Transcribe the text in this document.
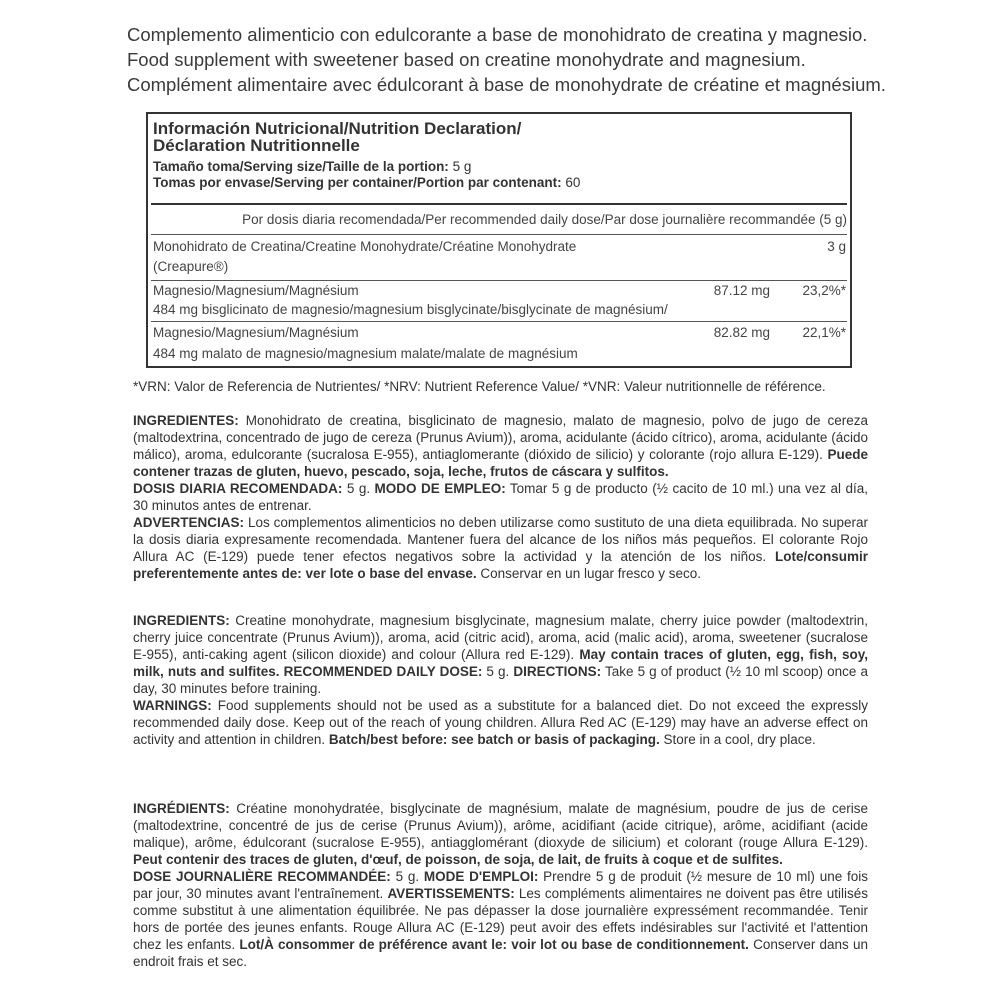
Complemento alimenticio con edulcorante a base de monohidrato de creatina y magnesio.
Food supplement with sweetener based on creatine monohydrate and magnesium.
Complément alimentaire avec édulcorant à base de monohydrate de créatine et magnésium.
Información Nutricional/Nutrition Declaration/
Déclaration Nutritionnelle
Tamaño toma/Serving size/Taille de la portion: 5 g
Tomas por envase/Serving per container/Portion par contenant: 60
Por dosis diaria recomendada/Per recommended daily dose/Par dose journalière recommandée (5 g)
Monohidrato de Creatina/Creatine Monohydrate/Créatine Monohydrate
(Creapure®)
3 g
Magnesio/Magnesium/Magnésium
484 mg bisglicinato de magnesio/magnesium bisglycinate/bisglycinate de magnésium/
87.12 mg 23,2%*
Magnesio/Magnesium/Magnésium
484 mg malato de magnesio/magnesium malate/malate de magnésium
82.82 mg 22,1%*
*VRN: Valor de Referencia de Nutrientes/ *NRV: Nutrient Reference Value/ *VNR: Valeur nutritionnelle de référence.
INGREDIENTES: Monohidrato de creatina, bisglicinato de magnesio, malato de magnesio, polvo de jugo de cereza (maltodextrina, concentrado de jugo de cereza (Prunus Avium)), aroma, acidulante (ácido cítrico), aroma, acidulante (ácido málico), aroma, edulcorante (sucralosa E-955), antiaglomerante (dióxido de silicio) y colorante (rojo allura E-129). Puede contener trazas de gluten, huevo, pescado, soja, leche, frutos de cáscara y sulfitos.
DOSIS DIARIA RECOMENDADA: 5 g. MODO DE EMPLEO: Tomar 5 g de producto (½ cacito de 10 ml.) una vez al día, 30 minutos antes de entrenar.
ADVERTENCIAS: Los complementos alimenticios no deben utilizarse como sustituto de una dieta equilibrada. No superar la dosis diaria expresamente recomendada. Mantener fuera del alcance de los niños más pequeños. El colorante Rojo Allura AC (E-129) puede tener efectos negativos sobre la actividad y la atención de los niños. Lote/consumir preferentemente antes de: ver lote o base del envase. Conservar en un lugar fresco y seco.
INGREDIENTS: Creatine monohydrate, magnesium bisglycinate, magnesium malate, cherry juice powder (maltodextrin, cherry juice concentrate (Prunus Avium)), aroma, acid (citric acid), aroma, acid (malic acid), aroma, sweetener (sucralose E-955), anti-caking agent (silicon dioxide) and colour (Allura red E-129). May contain traces of gluten, egg, fish, soy, milk, nuts and sulfites. RECOMMENDED DAILY DOSE: 5 g. DIRECTIONS: Take 5 g of product (½ 10 ml scoop) once a day, 30 minutes before training.
WARNINGS: Food supplements should not be used as a substitute for a balanced diet. Do not exceed the expressly recommended daily dose. Keep out of the reach of young children. Allura Red AC (E-129) may have an adverse effect on activity and attention in children. Batch/best before: see batch or basis of packaging. Store in a cool, dry place.
INGRÉDIENTS: Créatine monohydratée, bisglycinate de magnésium, malate de magnésium, poudre de jus de cerise (maltodextrine, concentré de jus de cerise (Prunus Avium)), arôme, acidifiant (acide citrique), arôme, acidifiant (acide malique), arôme, édulcorant (sucralose E-955), antiagglomérant (dioxyde de silicium) et colorant (rouge Allura E-129). Peut contenir des traces de gluten, d'œuf, de poisson, de soja, de lait, de fruits à coque et de sulfites.
DOSE JOURNALIÈRE RECOMMANDÉE: 5 g. MODE D'EMPLOI: Prendre 5 g de produit (½ mesure de 10 ml) une fois par jour, 30 minutes avant l'entraînement. AVERTISSEMENTS: Les compléments alimentaires ne doivent pas être utilisés comme substitut à une alimentation équilibrée. Ne pas dépasser la dose journalière expressément recommandée. Tenir hors de portée des jeunes enfants. Rouge Allura AC (E-129) peut avoir des effets indésirables sur l'activité et l'attention chez les enfants. Lot/À consommer de préférence avant le: voir lot ou base de conditionnement. Conserver dans un endroit frais et sec.
